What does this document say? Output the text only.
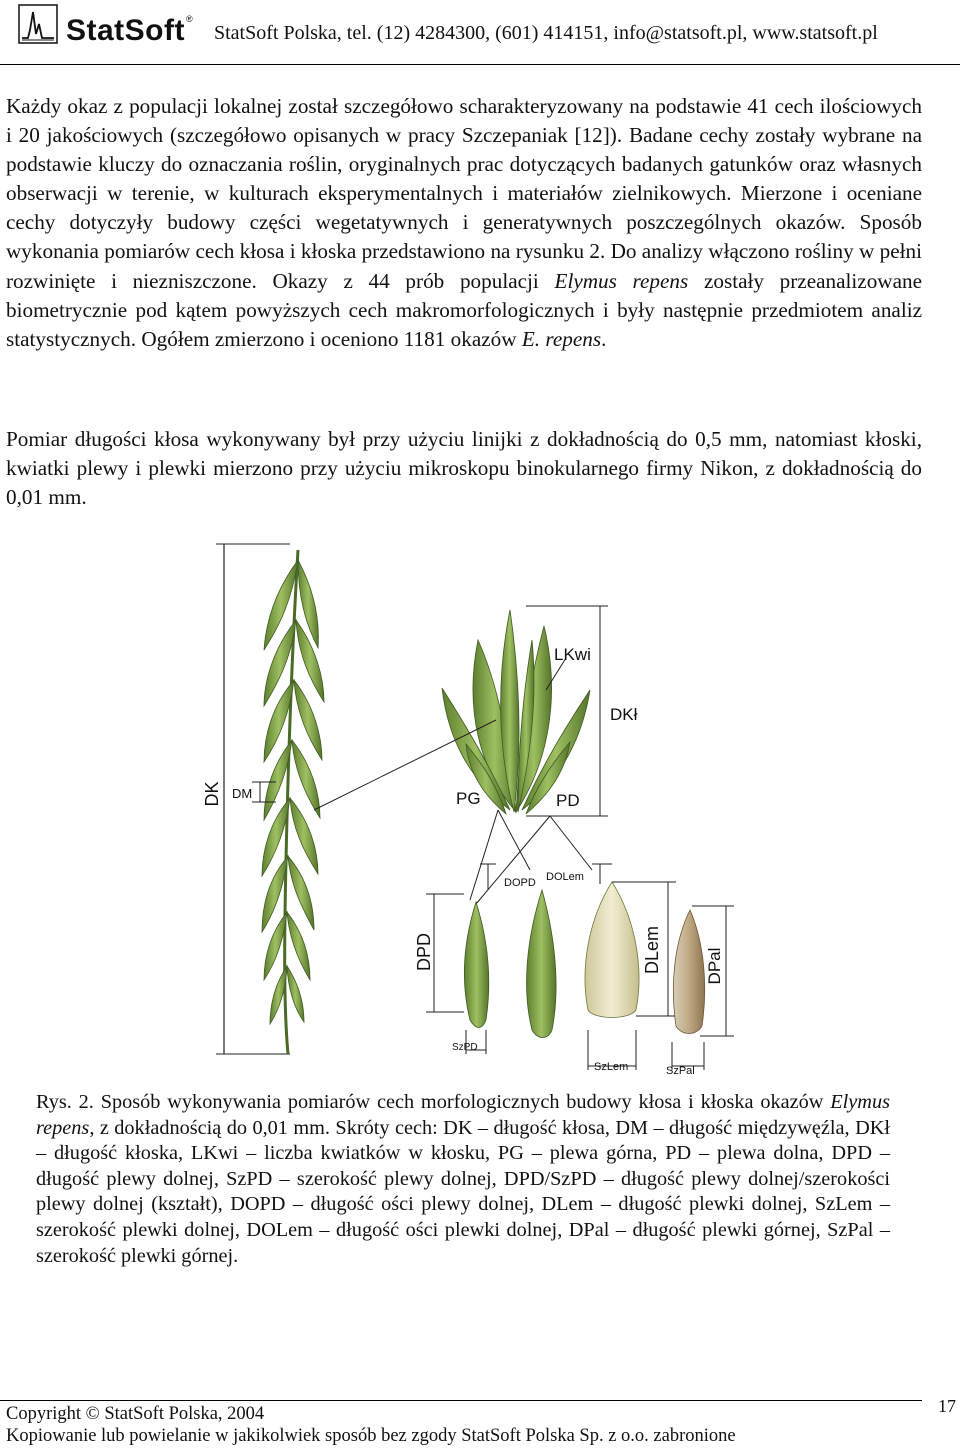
StatSoft ®
StatSoft Polska, tel. (12) 4284300, (601) 414151, info@statsoft.pl, www.statsoft.pl

Każdy okaz z populacji lokalnej został szczegółowo scharakteryzowany na podstawie 41 cech ilościowych i 20 jakościowych (szczegółowo opisanych w pracy Szczepaniak [12]). Badane cechy zostały wybrane na podstawie kluczy do oznaczania roślin, oryginalnych prac dotyczących badanych gatunków oraz własnych obserwacji w terenie, w kulturach eksperymentalnych i materiałów zielnikowych. Mierzone i oceniane cechy dotyczyły budowy części wegetatywnych i generatywnych poszczególnych okazów. Sposób wykonania pomiarów cech kłosa i kłoska przedstawiono na rysunku 2. Do analizy włączono rośliny w pełni rozwinięte i niezniszczone. Okazy z 44 prób populacji Elymus repens zostały przeanalizowane biometrycznie pod kątem powyższych cech makromorfologicznych i były następnie przedmiotem analiz statystycznych. Ogółem zmierzono i oceniono 1181 okazów E. repens.

Pomiar długości kłosa wykonywany był przy użyciu linijki z dokładnością do 0,5 mm, natomiast kłoski, kwiatki plewy i plewki mierzono przy użyciu mikroskopu binokularnego firmy Nikon, z dokładnością do 0,01 mm.

DK DM
DKł
LKwi
PG	PD
DOPD DOLem
DPD	DLem	DPal
SzPD
SzLem	SzPal

Rys. 2. Sposób wykonywania pomiarów cech morfologicznych budowy kłosa i kłoska okazów Elymus repens, z dokładnością do 0,01 mm. Skróty cech: DK – długość kłosa, DM – długość międzywęźla, DKł – długość kłoska, LKwi – liczba kwiatków w kłosku, PG – plewa górna, PD – plewa dolna, DPD – długość plewy dolnej, SzPD – szerokość plewy dolnej, DPD/SzPD – długość plewy dolnej/szerokości plewy dolnej (kształt), DOPD – długość ości plewy dolnej, DLem – długość plewki dolnej, SzLem – szerokość plewki dolnej, DOLem – długość ości plewki dolnej, DPal – długość plewki górnej, SzPal – szerokość plewki górnej.

17
Copyright © StatSoft Polska, 2004
Kopiowanie lub powielanie w jakikolwiek sposób bez zgody StatSoft Polska Sp. z o.o. zabronione
